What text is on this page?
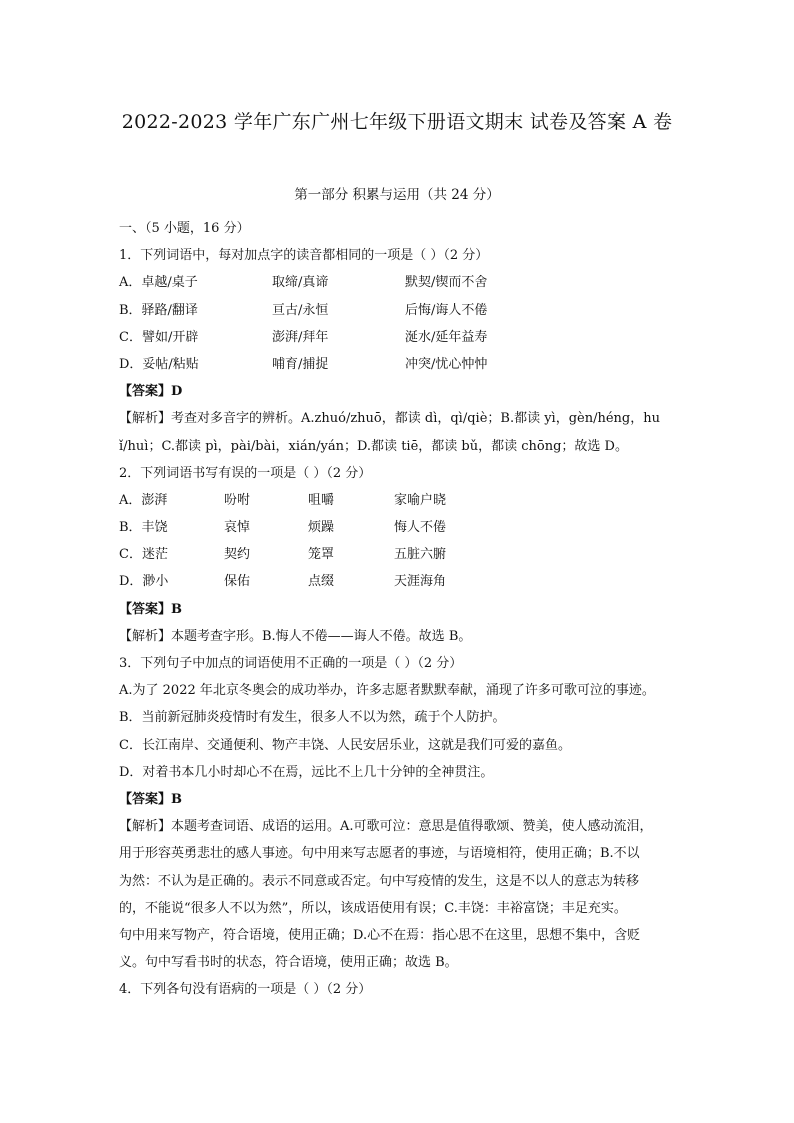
2022-2023 学年广东广州七年级下册语文期末 试卷及答案 A 卷
第一部分 积累与运用（共 24 分）
一、（5 小题，16 分）
1．下列词语中，每对加点字的读音都相同的一项是（ ）（2 分）
A．卓越/桌子	取缔/真谛	默契/锲而不舍
B．驿路/翻译	亘古/永恒	后悔/诲人不倦
C．譬如/开辟	澎湃/拜年	涎水/延年益寿
D．妥帖/粘贴	哺育/捕捉	冲突/忧心忡忡
【答案】D
【解析】考查对多音字的辨析。A.zhuó/zhuō，都读 dì，qì/qiè；B.都读 yì，gèn/héng，hu
ǐ/huì；C.都读 pì，pài/bài，xián/yán；D.都读 tiē，都读 bǔ，都读 chōng；故选 D。
2．下列词语书写有误的一项是（ ）（2 分）
A．澎湃	吩咐	咀嚼	家喻户晓
B．丰饶	哀悼	烦躁	悔人不倦
C．迷茫	契约	笼罩	五脏六腑
D．渺小	保佑	点缀	天涯海角
【答案】B
【解析】本题考查字形。B.悔人不倦——诲人不倦。故选 B。
3．下列句子中加点的词语使用不正确的一项是（ ）（2 分）
A.为了 2022 年北京冬奥会的成功举办，许多志愿者默默奉献，涌现了许多可歌可泣的事迹。
B．当前新冠肺炎疫情时有发生，很多人不以为然，疏于个人防护。
C．长江南岸、交通便利、物产丰饶、人民安居乐业，这就是我们可爱的嘉鱼。
D．对着书本几小时却心不在焉，远比不上几十分钟的全神贯注。
【答案】B
【解析】本题考查词语、成语的运用。A.可歌可泣：意思是值得歌颂、赞美，使人感动流泪，
用于形容英勇悲壮的感人事迹。句中用来写志愿者的事迹，与语境相符，使用正确；B.不以
为然：不认为是正确的。表示不同意或否定。句中写疫情的发生，这是不以人的意志为转移
的，不能说“很多人不以为然”，所以，该成语使用有误；C.丰饶：丰裕富饶；丰足充实。
句中用来写物产，符合语境，使用正确；D.心不在焉：指心思不在这里，思想不集中，含贬
义。句中写看书时的状态，符合语境，使用正确；故选 B。
4．下列各句没有语病的一项是（ ）（2 分）
